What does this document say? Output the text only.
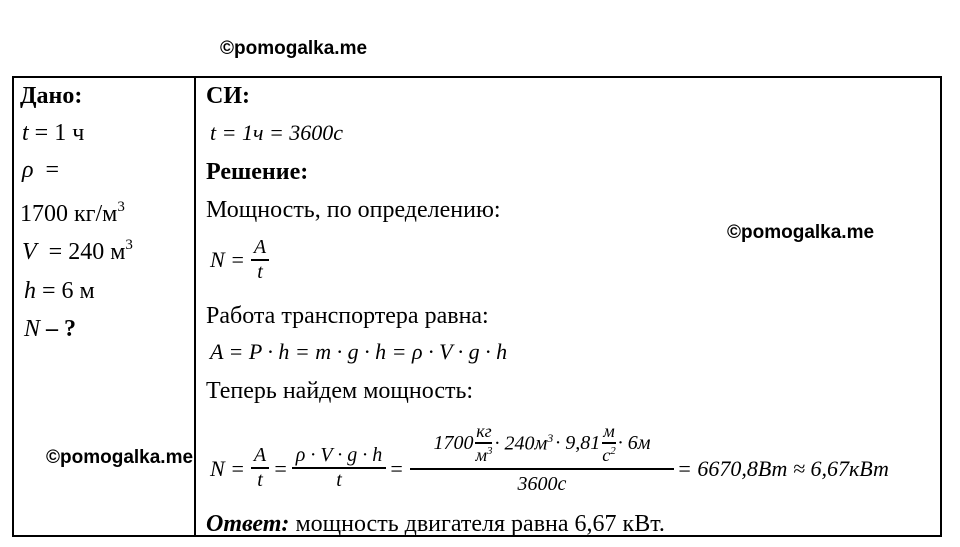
©pomogalka.me
©pomogalka.me
Дано:
t = 1 ч
ρ =
1700 $кг/м^3$
V = 240 $м^3$
h = 6 м
N – ?
СИ:
t = 1ч = 3600с
Решение:
Мощность, по определению:
N = A
t
Работа транспортера равна:
A = P · h = m · g · h = ρ · V · g · h
Теперь найдем мощность:
©pomogalka.me N =
A
t =
ρ · V · g · h
t	=
$1700 \frac{кг}{м^3} \cdot 240м^3 \cdot 9,81 \frac{м}{с^2} \cdot 6м$
3600с
= 6670,8Вт ≈ 6,67кВт
Ответ: мощность двигателя равна 6,67 кВт.
